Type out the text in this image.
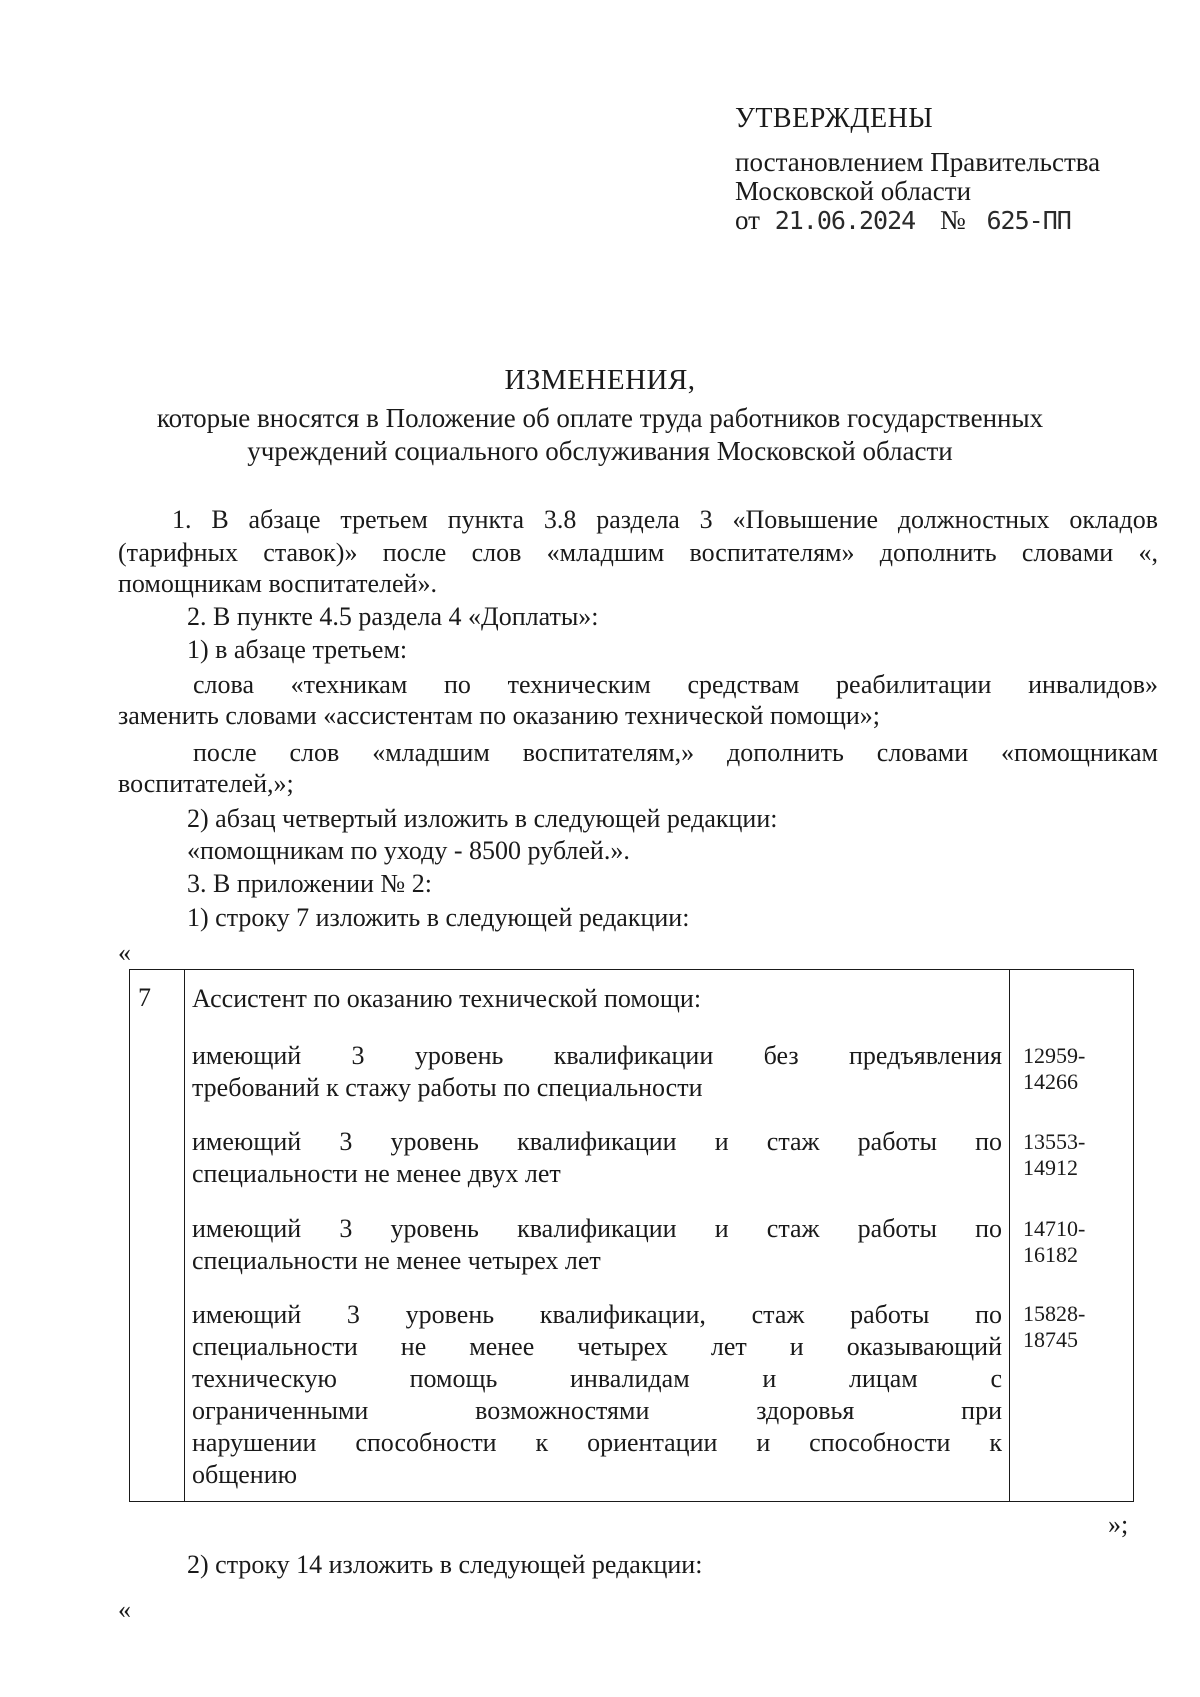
УТВЕРЖДЕНЫ
постановлением Правительства
Московской области
от 21.06.2024 № 625-ПП
ИЗМЕНЕНИЯ,
которые вносятся в Положение об оплате труда работников государственных
учреждений социального обслуживания Московской области
1. В абзаце третьем пункта 3.8 раздела 3 «Повышение должностных окладов
(тарифных ставок)» после слов «младшим воспитателям» дополнить словами «,
помощникам воспитателей».
2. В пункте 4.5 раздела 4 «Доплаты»:
1) в абзаце третьем:
слова «техникам по техническим средствам реабилитации инвалидов»
заменить словами «ассистентам по оказанию технической помощи»;
после слов «младшим воспитателям,» дополнить словами «помощникам
воспитателей,»;
2) абзац четвертый изложить в следующей редакции:
«помощникам по уходу - 8500 рублей.».
3. В приложении № 2:
1) строку 7 изложить в следующей редакции:
«
7 Ассистент по оказанию технической помощи:
имеющий 3 уровень квалификации без предъявления
требований к стажу работы по специальности
12959-14266
имеющий 3 уровень квалификации и стаж работы по
специальности не менее двух лет
13553-14912
имеющий 3 уровень квалификации и стаж работы по
специальности не менее четырех лет
14710-16182
имеющий 3 уровень квалификации, стаж работы по
специальности не менее четырех лет и оказывающий
техническую помощь инвалидам и лицам с
ограниченными возможностями здоровья при
нарушении способности к ориентации и способности к
общению
15828-18745
»;
2) строку 14 изложить в следующей редакции:
«
